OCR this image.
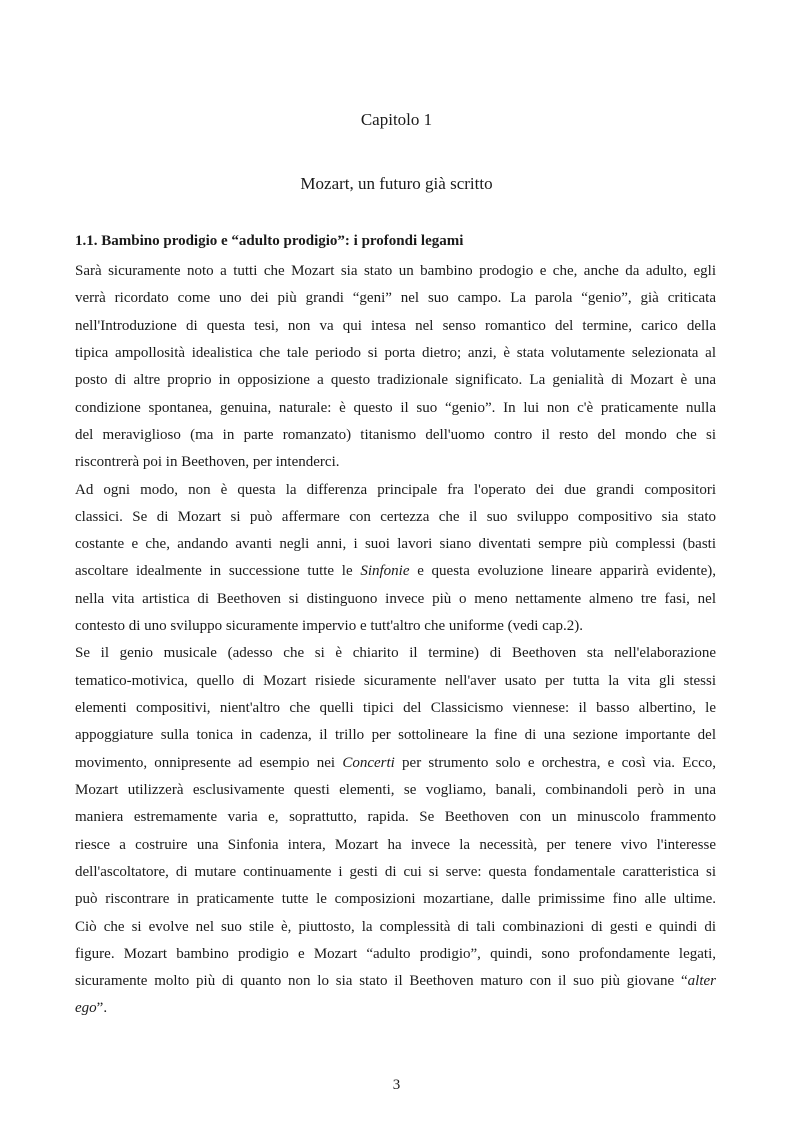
Capitolo 1
Mozart, un futuro già scritto
1.1. Bambino prodigio e “adulto prodigio”: i profondi legami
Sarà sicuramente noto a tutti che Mozart sia stato un bambino prodogio e che, anche da adulto, egli
verrà ricordato come uno dei più grandi “geni” nel suo campo. La parola “genio”, già criticata
nell'Introduzione di questa tesi, non va qui intesa nel senso romantico del termine, carico della
tipica ampollosità idealistica che tale periodo si porta dietro; anzi, è stata volutamente selezionata al
posto di altre proprio in opposizione a questo tradizionale significato. La genialità di Mozart è una
condizione spontanea, genuina, naturale: è questo il suo “genio”. In lui non c'è praticamente nulla
del meraviglioso (ma in parte romanzato) titanismo dell'uomo contro il resto del mondo che si
riscontrerà poi in Beethoven, per intenderci.
Ad ogni modo, non è questa la differenza principale fra l'operato dei due grandi compositori
classici. Se di Mozart si può affermare con certezza che il suo sviluppo compositivo sia stato
costante e che, andando avanti negli anni, i suoi lavori siano diventati sempre più complessi (basti
ascoltare idealmente in successione tutte le Sinfonie e questa evoluzione lineare apparirà evidente),
nella vita artistica di Beethoven si distinguono invece più o meno nettamente almeno tre fasi, nel
contesto di uno sviluppo sicuramente impervio e tutt'altro che uniforme (vedi cap.2).
Se il genio musicale (adesso che si è chiarito il termine) di Beethoven sta nell'elaborazione
tematico-motivica, quello di Mozart risiede sicuramente nell'aver usato per tutta la vita gli stessi
elementi compositivi, nient'altro che quelli tipici del Classicismo viennese: il basso albertino, le
appoggiature sulla tonica in cadenza, il trillo per sottolineare la fine di una sezione importante del
movimento, onnipresente ad esempio nei Concerti per strumento solo e orchestra, e così via. Ecco,
Mozart utilizzerà esclusivamente questi elementi, se vogliamo, banali, combinandoli però in una
maniera estremamente varia e, soprattutto, rapida. Se Beethoven con un minuscolo frammento
riesce a costruire una Sinfonia intera, Mozart ha invece la necessità, per tenere vivo l'interesse
dell'ascoltatore, di mutare continuamente i gesti di cui si serve: questa fondamentale caratteristica si
può riscontrare in praticamente tutte le composizioni mozartiane, dalle primissime fino alle ultime.
Ciò che si evolve nel suo stile è, piuttosto, la complessità di tali combinazioni di gesti e quindi di
figure. Mozart bambino prodigio e Mozart “adulto prodigio”, quindi, sono profondamente legati,
sicuramente molto più di quanto non lo sia stato il Beethoven maturo con il suo più giovane “alter
ego”.
3
